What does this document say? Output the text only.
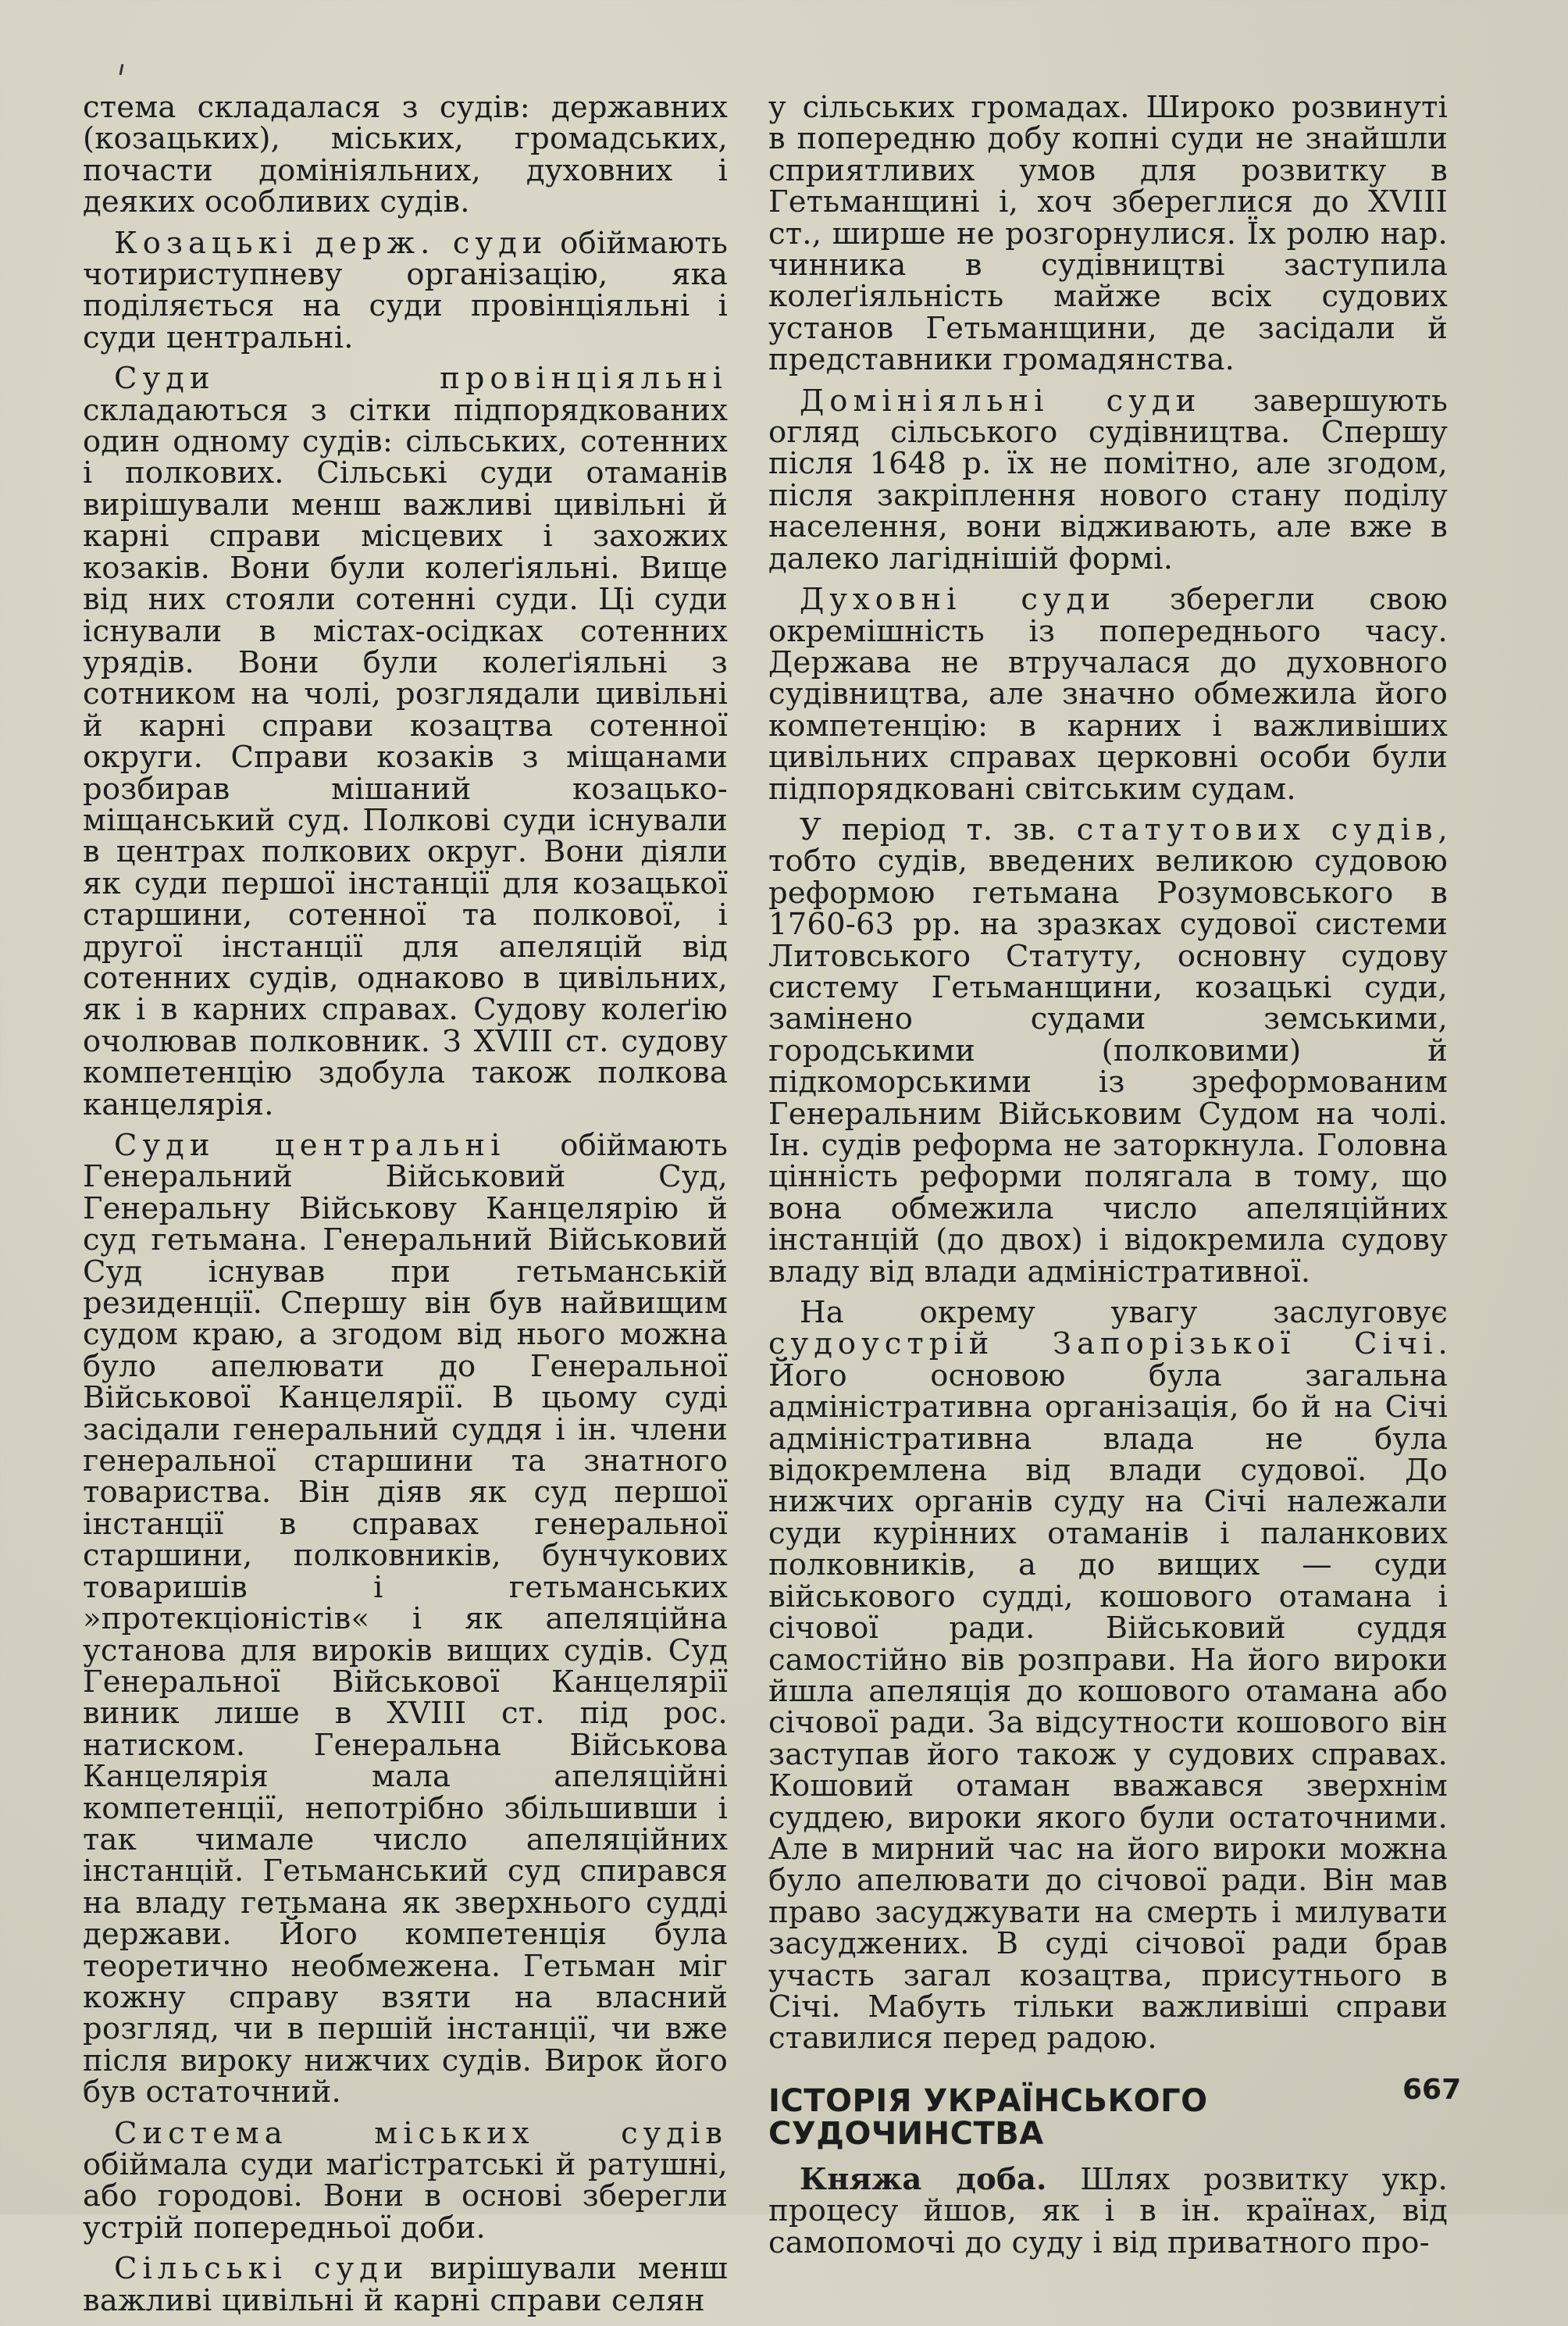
стема складалася з судів: державних (козацьких), міських, громадських, почасти домініяльних, духовних і деяких особливих судів.

Козацькі держ. суди обіймають чотириступневу організацію, яка поділяється на суди провінціяльні і суди центральні.

Суди провінціяльні складаються з сітки підпорядкованих один одному судів: сільських, сотенних і полкових. Сільські суди отаманів вирішували менш важливі цивільні й карні справи місцевих і захожих козаків. Вони були колеґіяльні. Вище від них стояли сотенні суди. Ці суди існували в містах-осідках сотенних урядів. Вони були колеґіяльні з сотником на чолі, розглядали цивільні й карні справи козацтва сотенної округи. Справи козаків з міщанами розбирав мішаний козацько-міщанський суд. Полкові суди існували в центрах полкових округ. Вони діяли як суди першої інстанції для козацької старшини, сотенної та полкової, і другої інстанції для апеляцій від сотенних судів, однаково в цивільних, як і в карних справах. Судову колеґію очолював полковник. З XVIII ст. судову компетенцію здобула також полкова канцелярія.

Суди центральні обіймають Генеральний Військовий Суд, Генеральну Військову Канцелярію й суд гетьмана. Генеральний Військовий Суд існував при гетьманській резиденції. Спершу він був найвищим судом краю, а згодом від нього можна було апелювати до Генеральної Військової Канцелярії. В цьому суді засідали генеральний суддя і ін. члени генеральної старшини та знатного товариства. Він діяв як суд першої інстанції в справах генеральної старшини, полковників, бунчукових товаришів і гетьманських »протекціоністів« і як апеляційна установа для вироків вищих судів. Суд Генеральної Військової Канцелярії виник лише в XVIII ст. під рос. натиском. Генеральна Військова Канцелярія мала апеляційні компетенції, непотрібно збільшивши і так чимале число апеляційних інстанцій. Гетьманський суд спирався на владу гетьмана як зверхнього судді держави. Його компетенція була теоретично необмежена. Гетьман міг кожну справу взяти на власний розгляд, чи в першій інстанції, чи вже після вироку нижчих судів. Вирок його був остаточний.

Система міських судів обіймала суди маґістратські й ратушні, або городові. Вони в основі зберегли устрій попередньої доби.

Сільські суди вирішували менш важливі цивільні й карні справи селян

у сільських громадах. Широко розвинуті в попередню добу копні суди не знайшли сприятливих умов для розвитку в Гетьманщині і, хоч збереглися до XVIII ст., ширше не розгорнулися. Їх ролю нар. чинника в судівництві заступила колеґіяльність майже всіх судових установ Гетьманщини, де засідали й представники громадянства.

Домініяльні суди завершують огляд сільського судівництва. Спершу після 1648 р. їх не помітно, але згодом, після закріплення нового стану поділу населення, вони відживають, але вже в далеко лагіднішій формі.

Духовні суди зберегли свою окремішність із попереднього часу. Держава не втручалася до духовного судівництва, але значно обмежила його компетенцію: в карних і важливіших цивільних справах церковні особи були підпорядковані світським судам.

У період т. зв. статутових судів, тобто судів, введених великою судовою реформою гетьмана Розумовського в 1760-63 рр. на зразках судової системи Литовського Статуту, основну судову систему Гетьманщини, козацькі суди, замінено судами земськими, городськими (полковими) й підкоморськими із зреформованим Генеральним Військовим Судом на чолі. Ін. судів реформа не заторкнула. Головна цінність реформи полягала в тому, що вона обмежила число апеляційних інстанцій (до двох) і відокремила судову владу від влади адміністративної.

На окрему увагу заслуговує судоустрій Запорізької Січі. Його основою була загальна адміністративна організація, бо й на Січі адміністративна влада не була відокремлена від влади судової. До нижчих органів суду на Січі належали суди курінних отаманів і паланкових полковників, а до вищих — суди військового судді, кошового отамана і січової ради. Військовий суддя самостійно вів розправи. На його вироки йшла апеляція до кошового отамана або січової ради. За відсутности кошового він заступав його також у судових справах. Кошовий отаман вважався зверхнім суддею, вироки якого були остаточними. Але в мирний час на його вироки можна було апелювати до січової ради. Він мав право засуджувати на смерть і милувати засуджених. В суді січової ради брав участь загал козацтва, присутнього в Січі. Мабуть тільки важливіші справи ставилися перед радою.

ІСТОРІЯ УКРАЇНСЬКОГО СУДОЧИНСТВА

Княжа доба. Шлях розвитку укр. процесу йшов, як і в ін. країнах, від самопомочі до суду і від приватного про-

667
